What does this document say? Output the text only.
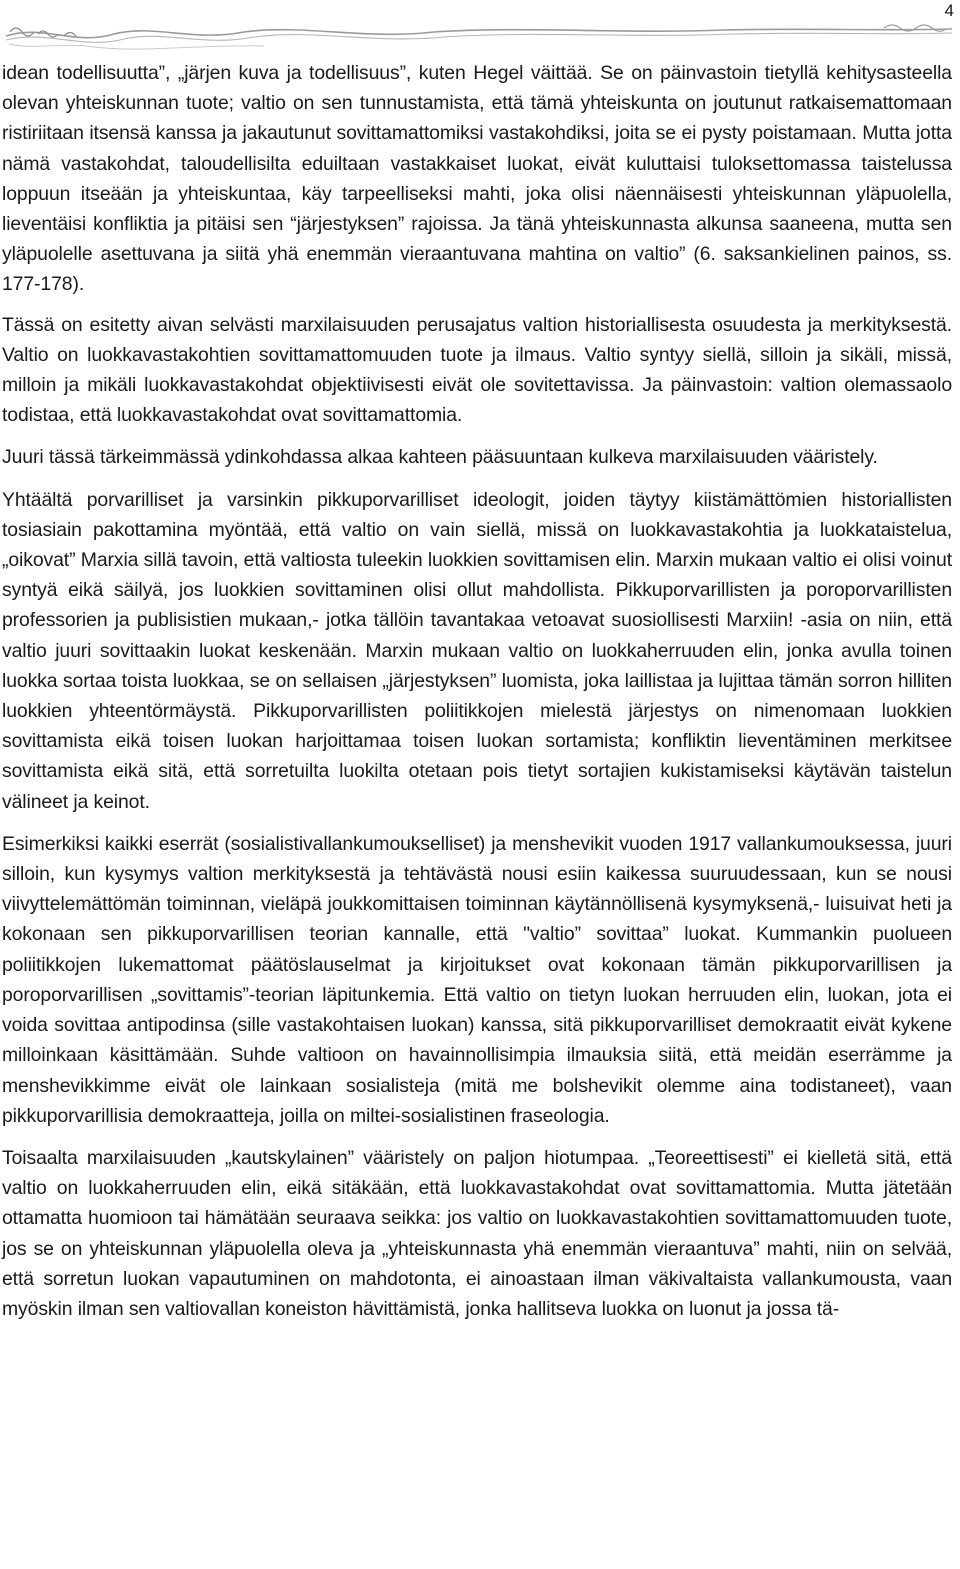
4

idean todellisuutta”, „järjen kuva ja todellisuus”, kuten Hegel väittää. Se on päinvastoin tietyllä kehitysasteella olevan yhteiskunnan tuote; valtio on sen tunnustamista, että tämä yhteiskunta on joutunut ratkaisemattomaan ristiriitaan itsensä kanssa ja jakautunut sovittamattomiksi vastakohdiksi, joita se ei pysty poistamaan. Mutta jotta nämä vastakohdat, taloudellisilta eduiltaan vastakkaiset luokat, eivät kuluttaisi tuloksettomassa taistelussa loppuun itseään ja yhteiskuntaa, käy tarpeelliseksi mahti, joka olisi näennäisesti yhteiskunnan yläpuolella, lieventäisi konfliktia ja pitäisi sen “järjestyksen” rajoissa. Ja tänä yhteiskunnasta alkunsa saaneena, mutta sen yläpuolelle asettuvana ja siitä yhä enemmän vieraantuvana mahtina on valtio” (6. saksankielinen painos, ss. 177-178).

Tässä on esitetty aivan selvästi marxilaisuuden perusajatus valtion historiallisesta osuudesta ja merkityksestä. Valtio on luokkavastakohtien sovittamattomuuden tuote ja ilmaus. Valtio syntyy siellä, silloin ja sikäli, missä, milloin ja mikäli luokkavastakohdat objektiivisesti eivät ole sovitettavissa. Ja päinvastoin: valtion olemassaolo todistaa, että luokkavastakohdat ovat sovittamattomia.

Juuri tässä tärkeimmässä ydinkohdassa alkaa kahteen pääsuuntaan kulkeva marxilaisuuden vääristely.

Yhtäältä porvarilliset ja varsinkin pikkuporvarilliset ideologit, joiden täytyy kiistämättömien historiallisten tosiasiain pakottamina myöntää, että valtio on vain siellä, missä on luokkavastakohtia ja luokkataistelua, „oikovat” Marxia sillä tavoin, että valtiosta tuleekin luokkien sovittamisen elin. Marxin mukaan valtio ei olisi voinut syntyä eikä säilyä, jos luokkien sovittaminen olisi ollut mahdollista. Pikkuporvarillisten ja poroporvarillisten professorien ja publisistien mukaan,- jotka tällöin tavantakaa vetoavat suosiollisesti Marxiin! -asia on niin, että valtio juuri sovittaakin luokat keskenään. Marxin mukaan valtio on luokkaherruuden elin, jonka avulla toinen luokka sortaa toista luokkaa, se on sellaisen „järjestyksen” luomista, joka laillistaa ja lujittaa tämän sorron hilliten luokkien yhteentörmäystä. Pikkuporvarillisten poliitikkojen mielestä järjestys on nimenomaan luokkien sovittamista eikä toisen luokan harjoittamaa toisen luokan sortamista; konfliktin lieventäminen merkitsee sovittamista eikä sitä, että sorretuilta luokilta otetaan pois tietyt sortajien kukistamiseksi käytävän taistelun välineet ja keinot.

Esimerkiksi kaikki eserrät (sosialistivallankumoukselliset) ja menshevikit vuoden 1917 vallankumouksessa, juuri silloin, kun kysymys valtion merkityksestä ja tehtävästä nousi esiin kaikessa suuruudessaan, kun se nousi viivyttelemättömän toiminnan, vieläpä joukkomittaisen toiminnan käytännöllisenä kysymyksenä,- luisuivat heti ja kokonaan sen pikkuporvarillisen teorian kannalle, että "valtio” sovittaa” luokat. Kummankin puolueen poliitikkojen lukemattomat päätöslauselmat ja kirjoitukset ovat kokonaan tämän pikkuporvarillisen ja poroporvarillisen „sovittamis”-teorian läpitunkemia. Että valtio on tietyn luokan herruuden elin, luokan, jota ei voida sovittaa antipodinsa (sille vastakohtaisen luokan) kanssa, sitä pikkuporvarilliset demokraatit eivät kykene milloinkaan käsittämään. Suhde valtioon on havainnollisimpia ilmauksia siitä, että meidän eserrämme ja menshevikkimme eivät ole lainkaan sosialisteja (mitä me bolshevikit olemme aina todistaneet), vaan pikkuporvarillisia demokraatteja, joilla on miltei-sosialistinen fraseologia.

Toisaalta marxilaisuuden „kautskylainen” vääristely on paljon hiotumpaa. „Teoreettisesti” ei kielletä sitä, että valtio on luokkaherruuden elin, eikä sitäkään, että luokkavastakohdat ovat sovittamattomia. Mutta jätetään ottamatta huomioon tai hämätään seuraava seikka: jos valtio on luokkavastakohtien sovittamattomuuden tuote, jos se on yhteiskunnan yläpuolella oleva ja „yhteiskunnasta yhä enemmän vieraantuva” mahti, niin on selvää, että sorretun luokan vapautuminen on mahdotonta, ei ainoastaan ilman väkivaltaista vallankumousta, vaan myöskin ilman sen valtiovallan koneiston hävittämistä, jonka hallitseva luokka on luonut ja jossa tä-
